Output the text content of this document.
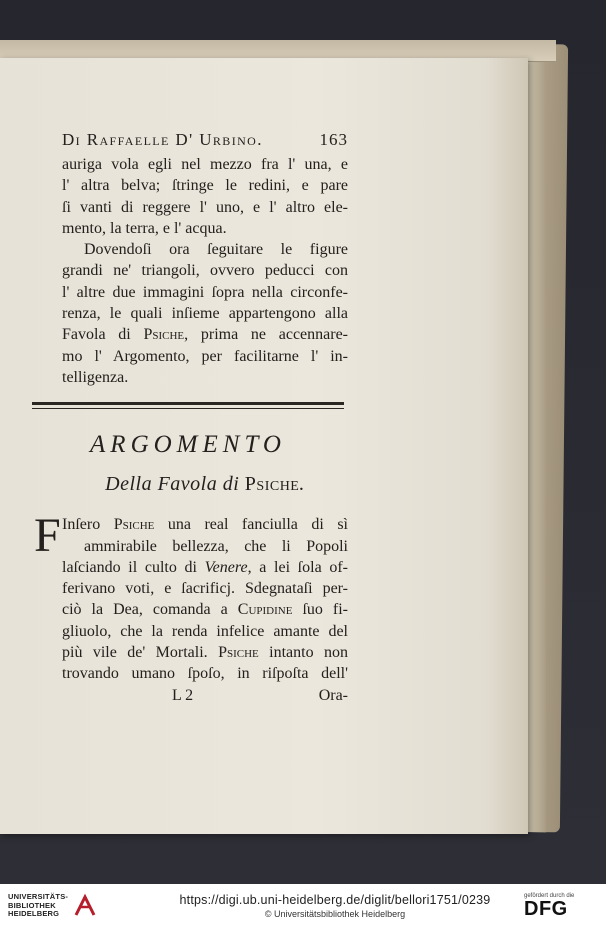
Di Raffaelle D' Urbino.	163
auriga vola egli nel mezzo fra l' una, e
l' altra belva; ſtringe le redini, e pare
ſi vanti di reggere l' uno, e l' altro ele-
mento, la terra, e l' acqua.
Dovendoſi ora ſeguitare le figure
grandi ne' triangoli, ovvero peducci con
l' altre due immagini ſopra nella circonfe-
renza, le quali inſieme appartengono alla
Favola di Psiche, prima ne accennare-
mo l' Argomento, per facilitarne l' in-
telligenza.
ARGOMENTO
Della Favola di Psiche.
F Inſero Psiche una real fanciulla di sì
ammirabile bellezza, che li Popoli
laſciando il culto di Venere, a lei ſola of-
ferivano voti, e ſacrificj. Sdegnataſi per-
ciò la Dea, comanda a Cupidine ſuo fi-
gliuolo, che la renda infelice amante del
più vile de' Mortali. Psiche intanto non
trovando umano ſpoſo, in riſpoſta dell'
L 2	Ora-
UNIVERSITÄTS-
BIBLIOTHEK
HEIDELBERG
https://digi.ub.uni-heidelberg.de/diglit/bellori1751/0239
© Universitätsbibliothek Heidelberg
gefördert durch die
DFG
